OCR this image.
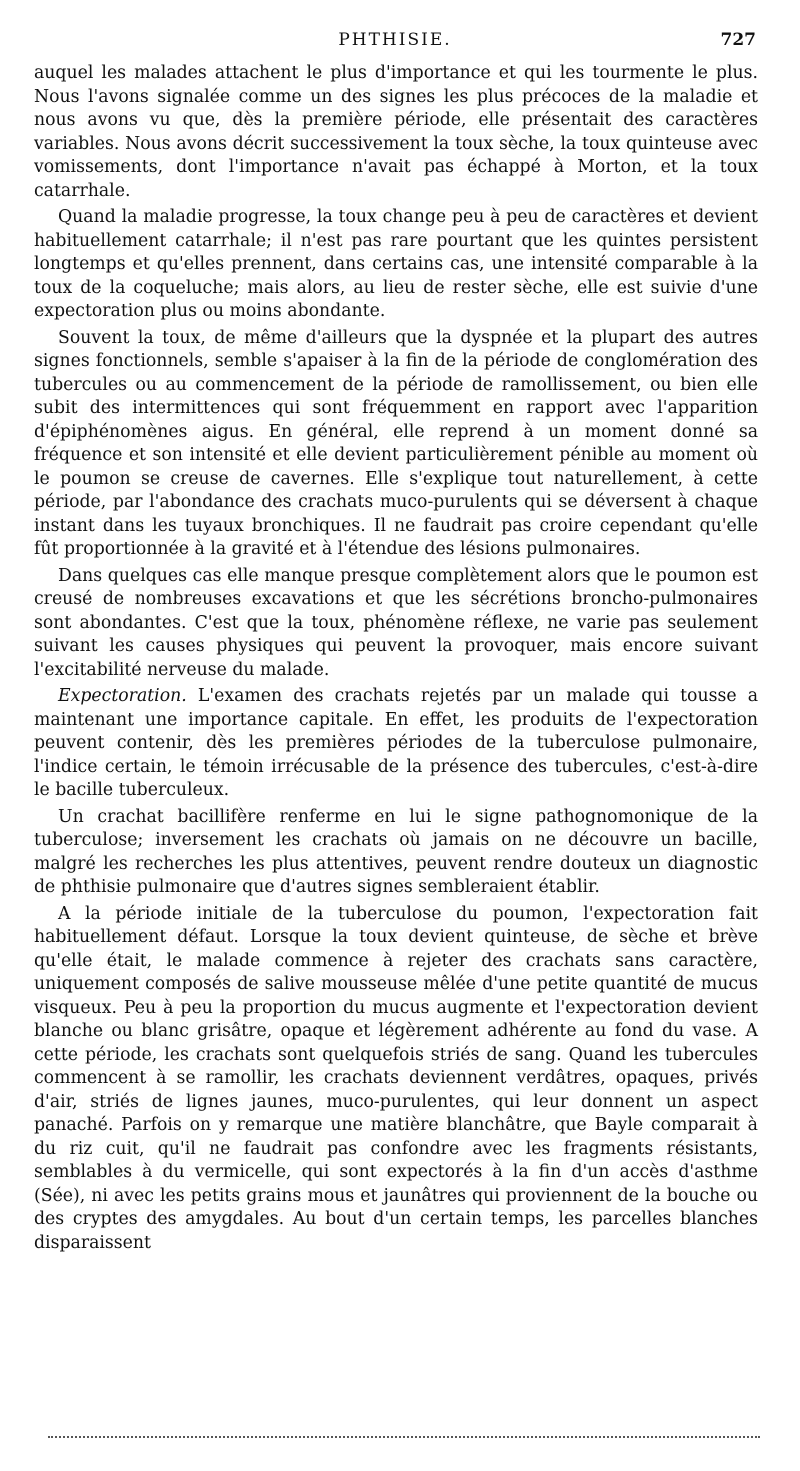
PHTHISIE.	727

auquel les malades attachent le plus d'importance et qui les tourmente le plus. Nous l'avons signalée comme un des signes les plus précoces de la maladie et nous avons vu que, dès la première période, elle présentait des caractères variables. Nous avons décrit successivement la toux sèche, la toux quinteuse avec vomissements, dont l'importance n'avait pas échappé à Morton, et la toux catarrhale.

Quand la maladie progresse, la toux change peu à peu de caractères et devient habituellement catarrhale; il n'est pas rare pourtant que les quintes persistent longtemps et qu'elles prennent, dans certains cas, une intensité comparable à la toux de la coqueluche; mais alors, au lieu de rester sèche, elle est suivie d'une expectoration plus ou moins abondante.

Souvent la toux, de même d'ailleurs que la dyspnée et la plupart des autres signes fonctionnels, semble s'apaiser à la fin de la période de conglomération des tubercules ou au commencement de la période de ramollissement, ou bien elle subit des intermittences qui sont fréquemment en rapport avec l'apparition d'épiphénomènes aigus. En général, elle reprend à un moment donné sa fréquence et son intensité et elle devient particulièrement pénible au moment où le poumon se creuse de cavernes. Elle s'explique tout naturellement, à cette période, par l'abondance des crachats muco-purulents qui se déversent à chaque instant dans les tuyaux bronchiques. Il ne faudrait pas croire cependant qu'elle fût proportionnée à la gravité et à l'étendue des lésions pulmonaires.

Dans quelques cas elle manque presque complètement alors que le poumon est creusé de nombreuses excavations et que les sécrétions broncho-pulmonaires sont abondantes. C'est que la toux, phénomène réflexe, ne varie pas seulement suivant les causes physiques qui peuvent la provoquer, mais encore suivant l'excitabilité nerveuse du malade.

Expectoration. L'examen des crachats rejetés par un malade qui tousse a maintenant une importance capitale. En effet, les produits de l'expectoration peuvent contenir, dès les premières périodes de la tuberculose pulmonaire, l'indice certain, le témoin irrécusable de la présence des tubercules, c'est-à-dire le bacille tuberculeux.

Un crachat bacillifère renferme en lui le signe pathognomonique de la tuberculose; inversement les crachats où jamais on ne découvre un bacille, malgré les recherches les plus attentives, peuvent rendre douteux un diagnostic de phthisie pulmonaire que d'autres signes sembleraient établir.

A la période initiale de la tuberculose du poumon, l'expectoration fait habituellement défaut. Lorsque la toux devient quinteuse, de sèche et brève qu'elle était, le malade commence à rejeter des crachats sans caractère, uniquement composés de salive mousseuse mêlée d'une petite quantité de mucus visqueux. Peu à peu la proportion du mucus augmente et l'expectoration devient blanche ou blanc grisâtre, opaque et légèrement adhérente au fond du vase. A cette période, les crachats sont quelquefois striés de sang. Quand les tubercules commencent à se ramollir, les crachats deviennent verdâtres, opaques, privés d'air, striés de lignes jaunes, muco-purulentes, qui leur donnent un aspect panaché. Parfois on y remarque une matière blanchâtre, que Bayle comparait à du riz cuit, qu'il ne faudrait pas confondre avec les fragments résistants, semblables à du vermicelle, qui sont expectorés à la fin d'un accès d'asthme (Sée), ni avec les petits grains mous et jaunâtres qui proviennent de la bouche ou des cryptes des amygdales. Au bout d'un certain temps, les parcelles blanches disparaissent
